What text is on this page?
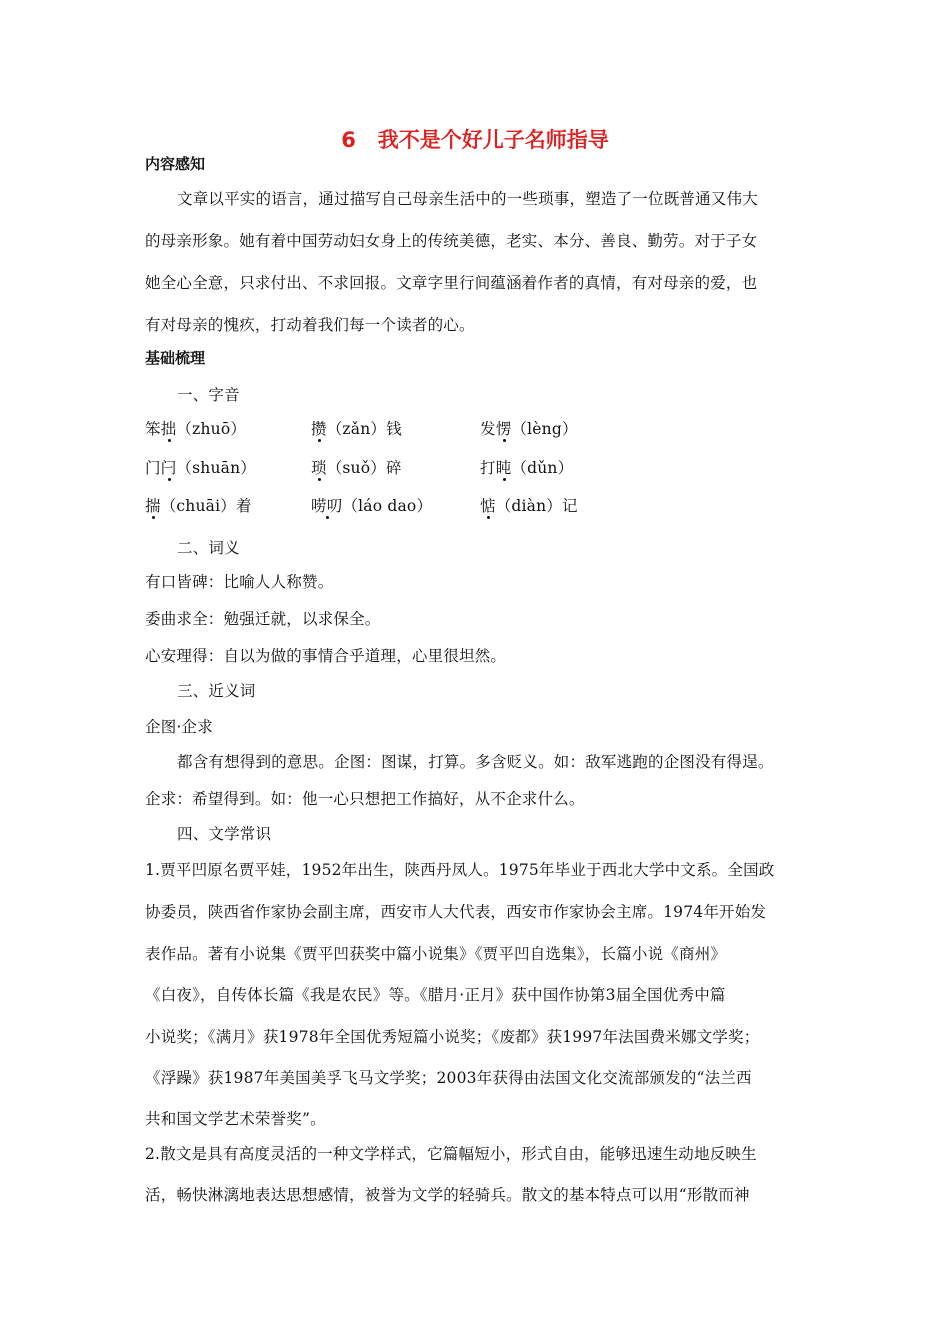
6   我不是个好儿子名师指导
内容感知
文章以平实的语言，通过描写自己母亲生活中的一些琐事，塑造了一位既普通又伟大
的母亲形象。她有着中国劳动妇女身上的传统美德，老实、本分、善良、勤劳。对于子女
她全心全意，只求付出、不求回报。文章字里行间蕴涵着作者的真情，有对母亲的爱，也
有对母亲的愧疚，打动着我们每一个读者的心。
基础梳理
一、字音
笨拙（zhuō）	攒（zǎn）钱	发愣（lèng）
门闩（shuān）	琐（suǒ）碎	打盹（dǔn）
揣（chuāi）着	唠叨（láo dao）	惦（diàn）记
二、词义
有口皆碑：比喻人人称赞。
委曲求全：勉强迁就，以求保全。
心安理得：自以为做的事情合乎道理，心里很坦然。
三、近义词
企图·企求
都含有想得到的意思。企图：图谋，打算。多含贬义。如：敌军逃跑的企图没有得逞。
企求：希望得到。如：他一心只想把工作搞好，从不企求什么。
四、文学常识
1.贾平凹原名贾平娃，1952年出生，陕西丹凤人。1975年毕业于西北大学中文系。全国政
协委员，陕西省作家协会副主席，西安市人大代表，西安市作家协会主席。1974年开始发
表作品。著有小说集《贾平凹获奖中篇小说集》《贾平凹自选集》，长篇小说《商州》
《白夜》，自传体长篇《我是农民》等。《腊月·正月》获中国作协第3届全国优秀中篇
小说奖；《满月》获1978年全国优秀短篇小说奖；《废都》获1997年法国费米娜文学奖；
《浮躁》获1987年美国美孚飞马文学奖；2003年获得由法国文化交流部颁发的“法兰西
共和国文学艺术荣誉奖”。
2.散文是具有高度灵活的一种文学样式，它篇幅短小，形式自由，能够迅速生动地反映生
活，畅快淋漓地表达思想感情，被誉为文学的轻骑兵。散文的基本特点可以用“形散而神
